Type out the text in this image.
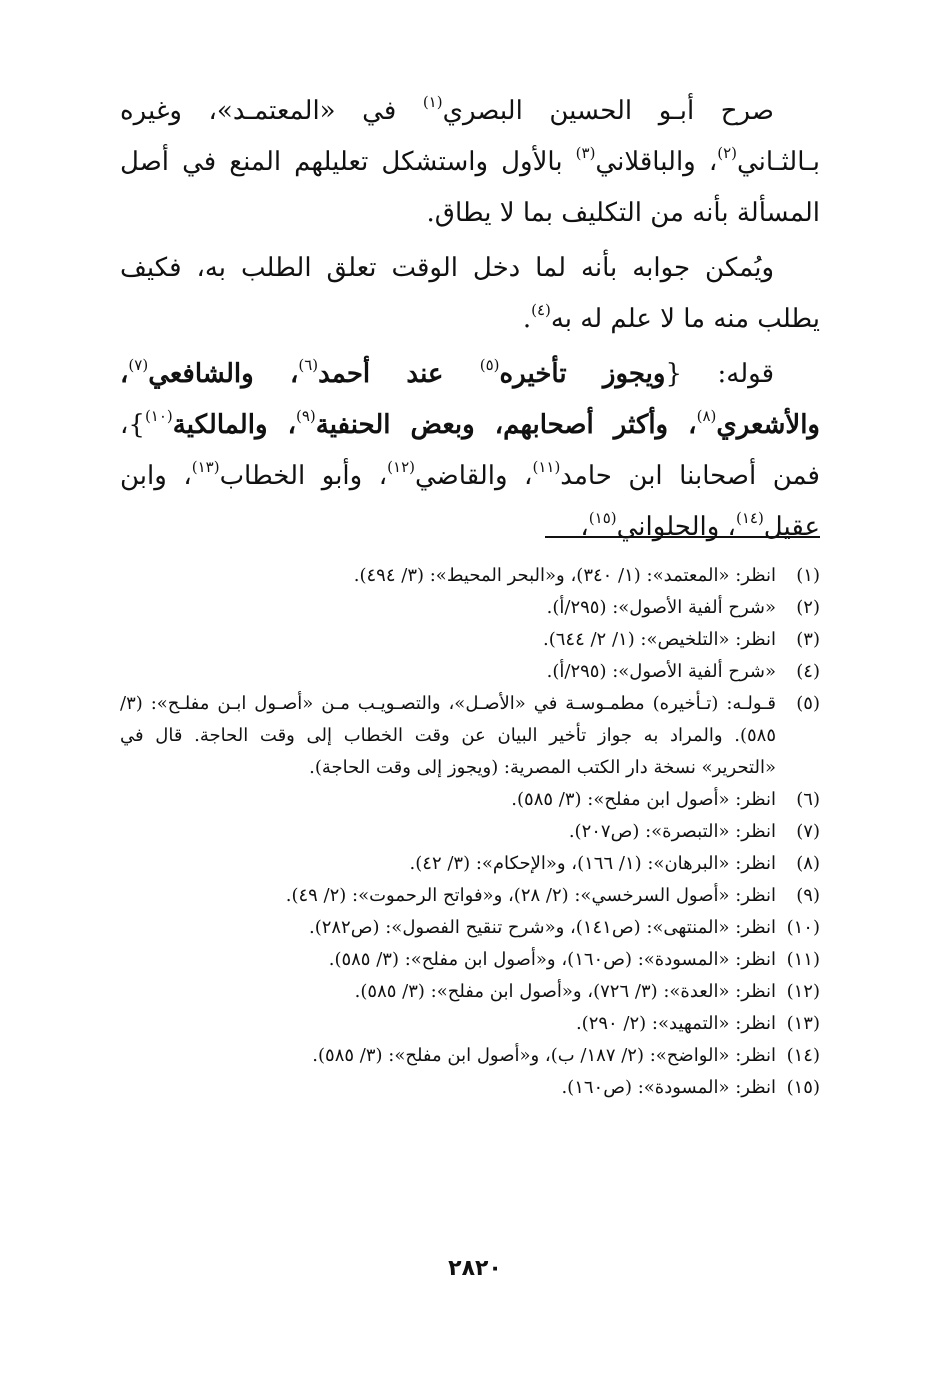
صرح أبـو الحسين البصري$^{(١)}$ في «المعتمـد»، وغيره بـالثـاني$^{(٢)}$، والباقلاني$^{(٣)}$ بالأول واستشكل تعليلهم المنع في أصل المسألة بأنه من التكليف بما لا يطاق.

ويُمكن جوابه بأنه لما دخل الوقت تعلق الطلب به، فكيف يطلب منه ما لا علم له به$^{(٤)}$.

قوله: {ويجوز تأخيره$^{(٥)}$ عند أحمد$^{(٦)}$، والشافعي$^{(٧)}$، والأشعري$^{(٨)}$، وأكثر أصحابهم، وبعض الحنفية$^{(٩)}$، والمالكية$^{(١٠)}$}، فمن أصحابنا ابن حامد$^{(١١)}$، والقاضي$^{(١٢)}$، وأبو الخطاب$^{(١٣)}$، وابن عقيل$^{(١٤)}$، والحلواني$^{(١٥)}$،

(١)
انظر: «المعتمد»: (١/ ٣٤٠)، و«البحر المحيط»: (٣/ ٤٩٤).
(٢)
«شرح ألفية الأصول»: (٢٩٥/أ).
(٣)
انظر: «التلخيص»: (١/ ٢/ ٦٤٤).
(٤)
«شرح ألفية الأصول»: (٢٩٥/أ).
(٥)
قـولـه: (تـأخيره) مطمـوسـة في «الأصـل»، والتصـويـب مـن «أصـول ابـن مفلـح»: (٣/ ٥٨٥). والمراد به جواز تأخير البيان عن وقت الخطاب إلى وقت الحاجة. قال في «التحرير» نسخة دار الكتب المصرية: (ويجوز إلى وقت الحاجة).
(٦)
انظر: «أصول ابن مفلح»: (٣/ ٥٨٥).
(٧)
انظر: «التبصرة»: (ص٢٠٧).
(٨)
انظر: «البرهان»: (١/ ١٦٦)، و«الإحكام»: (٣/ ٤٢).
(٩)
انظر: «أصول السرخسي»: (٢/ ٢٨)، و«فواتح الرحموت»: (٢/ ٤٩).
(١٠)
انظر: «المنتهى»: (ص١٤١)، و«شرح تنقيح الفصول»: (ص٢٨٢).
(١١)
انظر: «المسودة»: (ص١٦٠)، و«أصول ابن مفلح»: (٣/ ٥٨٥).
(١٢)
انظر: «العدة»: (٣/ ٧٢٦)، و«أصول ابن مفلح»: (٣/ ٥٨٥).
(١٣)
انظر: «التمهيد»: (٢/ ٢٩٠).
(١٤)
انظر: «الواضح»: (٢/ ١٨٧/ ب)، و«أصول ابن مفلح»: (٣/ ٥٨٥).
(١٥)
انظر: «المسودة»: (ص١٦٠).
٢٨٢٠
